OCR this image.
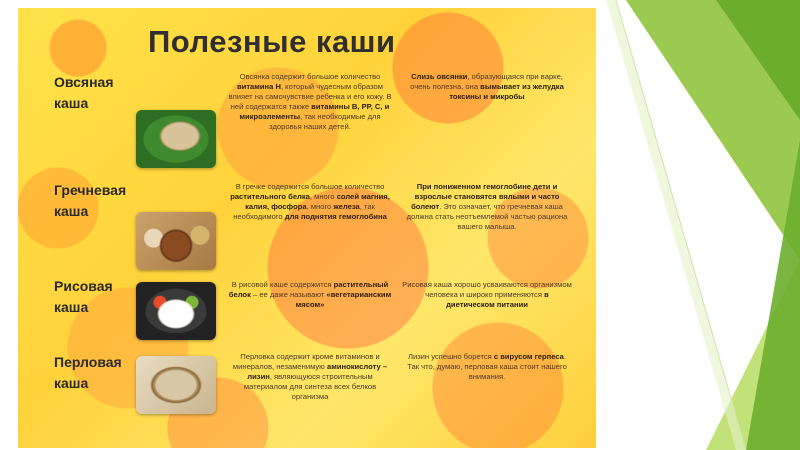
Полезные каши
Овсяная каша
Овсянка содержит большое количество витамина Н, который чудесным образом влияет на самочувствие ребенка и его кожу. В ней содержатся также витамины В, РР, С, и микроэлементы, так необходимые для здоровья наших детей.
Слизь овсянки, образующаяся при варке, очень полезна, она вымывает из желудка токсины и микробы
Гречневая каша
В гречке содержится большое количество растительного белка, много солей магния, калия, фосфора, много железа, так необходимого для поднятия гемоглобина
При пониженном гемоглобине дети и взрослые становятся вялыми и часто болеют. Это означает, что гречневая каша должна стать неотъемлемой частью рациона вашего малыша.
Рисовая каша
В рисовой каше содержится растительный белок – ее даже называют «вегетарианским мясом»
Рисовая каша хорошо усваиваются организмом человека и широко применяются в диетическом питании
Перловая каша
Перловка содержит кроме витаминов и минералов, незаменимую аминокислоту – лизин, являющуюся строительным материалом для синтеза всех белков организма
Лизин успешно борется с вирусом герпеса. Так что, думаю, перловая каша стоит нашего внимания.
